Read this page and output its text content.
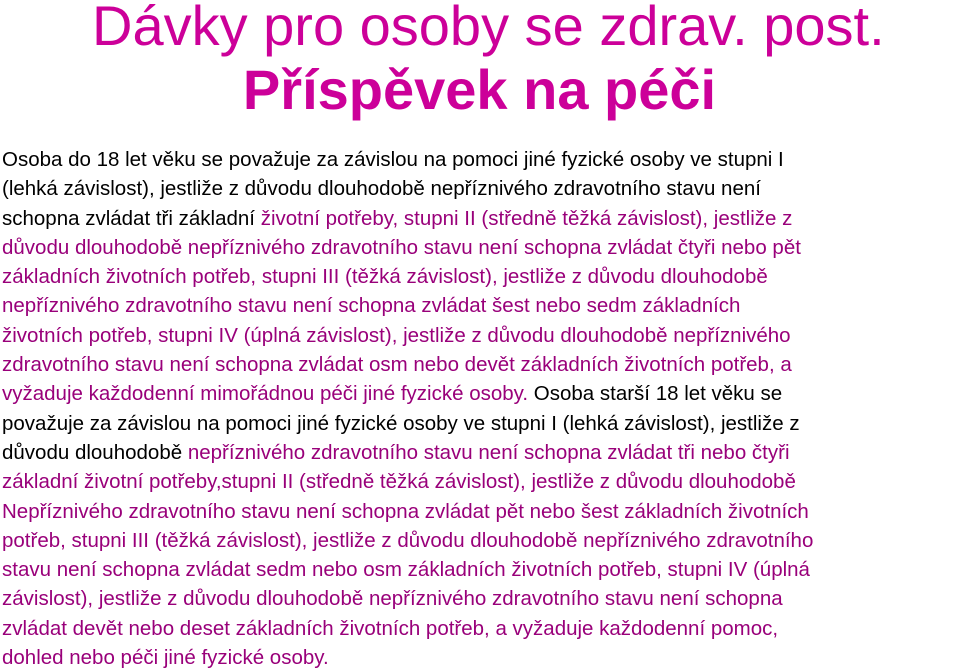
Dávky pro osoby se zdrav. post.
Příspěvek na péči
Osoba do 18 let věku se považuje za závislou na pomoci jiné fyzické osoby ve stupni I
(lehká závislost), jestliže z důvodu dlouhodobě nepříznivého zdravotního stavu není
schopna zvládat tři základní životní potřeby, stupni II (středně těžká závislost), jestliže z
důvodu dlouhodobě nepříznivého zdravotního stavu není schopna zvládat čtyři nebo pět
základních životních potřeb, stupni III (těžká závislost), jestliže z důvodu dlouhodobě
nepříznivého zdravotního stavu není schopna zvládat šest nebo sedm základních
životních potřeb, stupni IV (úplná závislost), jestliže z důvodu dlouhodobě nepříznivého
zdravotního stavu není schopna zvládat osm nebo devět základních životních potřeb, a
vyžaduje každodenní mimořádnou péči jiné fyzické osoby. Osoba starší 18 let věku se
považuje za závislou na pomoci jiné fyzické osoby ve stupni I (lehká závislost), jestliže z
důvodu dlouhodobě nepříznivého zdravotního stavu není schopna zvládat tři nebo čtyři
základní životní potřeby,stupni II (středně těžká závislost), jestliže z důvodu dlouhodobě
Nepříznivého zdravotního stavu není schopna zvládat pět nebo šest základních životních
potřeb, stupni III (těžká závislost), jestliže z důvodu dlouhodobě nepříznivého zdravotního
stavu není schopna zvládat sedm nebo osm základních životních potřeb, stupni IV (úplná
závislost), jestliže z důvodu dlouhodobě nepříznivého zdravotního stavu není schopna
zvládat devět nebo deset základních životních potřeb, a vyžaduje každodenní pomoc,
dohled nebo péči jiné fyzické osoby.
